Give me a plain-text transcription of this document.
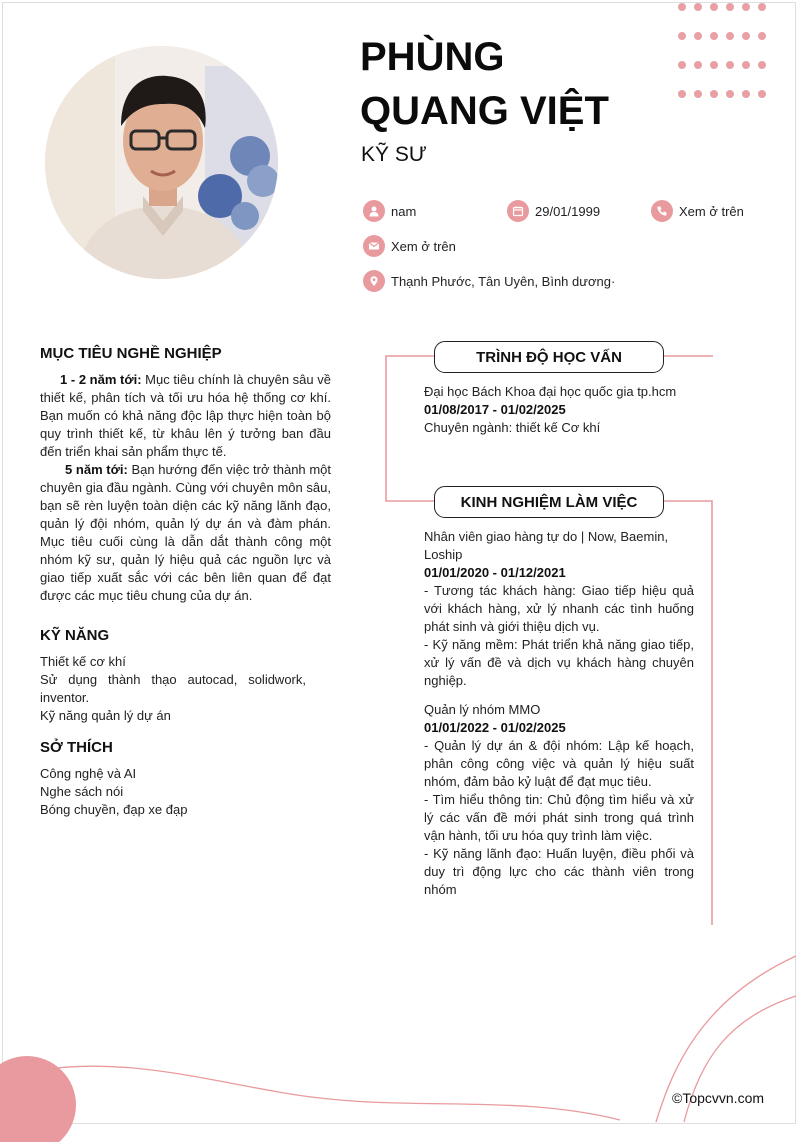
PHÙNG
QUANG VIỆT
KỸ SƯ
nam	29/01/1999	Xem ở trên
Xem ở trên
Thạnh Phước, Tân Uyên, Bình dương·
MỤC TIÊU NGHỀ NGHIỆP

1 - 2 năm tới: Mục tiêu chính là chuyên sâu về thiết kế, phân tích và tối ưu hóa hệ thống cơ khí. Bạn muốn có khả năng độc lập thực hiện toàn bộ quy trình thiết kế, từ khâu lên ý tưởng ban đầu đến triển khai sản phẩm thực tế.

5 năm tới: Bạn hướng đến việc trở thành một chuyên gia đầu ngành. Cùng với chuyên môn sâu, bạn sẽ rèn luyện toàn diện các kỹ năng lãnh đạo, quản lý đội nhóm, quản lý dự án và đàm phán. Mục tiêu cuối cùng là dẫn dắt thành công một nhóm kỹ sư, quản lý hiệu quả các nguồn lực và giao tiếp xuất sắc với các bên liên quan để đạt được các mục tiêu chung của dự án.

KỸ NĂNG
Thiết kế cơ khí
Sử dụng thành thạo autocad, solidwork, inventor.
Kỹ năng quản lý dự án
SỞ THÍCH
Công nghệ và AI
Nghe sách nói
Bóng chuyền, đạp xe đạp
TRÌNH ĐỘ HỌC VẤN
Đại học Bách Khoa đại học quốc gia tp.hcm
01/08/2017 - 01/02/2025
Chuyên ngành: thiết kế Cơ khí
KINH NGHIỆM LÀM VIỆC
Nhân viên giao hàng tự do | Now, Baemin, Loship
01/01/2020 - 01/12/2021
- Tương tác khách hàng: Giao tiếp hiệu quả với khách hàng, xử lý nhanh các tình huống phát sinh và giới thiệu dịch vụ.
- Kỹ năng mềm: Phát triển khả năng giao tiếp, xử lý vấn đề và dịch vụ khách hàng chuyên nghiệp.
Quản lý nhóm MMO
01/01/2022 - 01/02/2025
- Quản lý dự án & đội nhóm: Lập kế hoạch, phân công công việc và quản lý hiệu suất nhóm, đảm bảo kỷ luật để đạt mục tiêu.
- Tìm hiểu thông tin: Chủ động tìm hiểu và xử lý các vấn đề mới phát sinh trong quá trình vận hành, tối ưu hóa quy trình làm việc.
- Kỹ năng lãnh đạo: Huấn luyện, điều phối và duy trì động lực cho các thành viên trong nhóm
©Topcvvn.com
